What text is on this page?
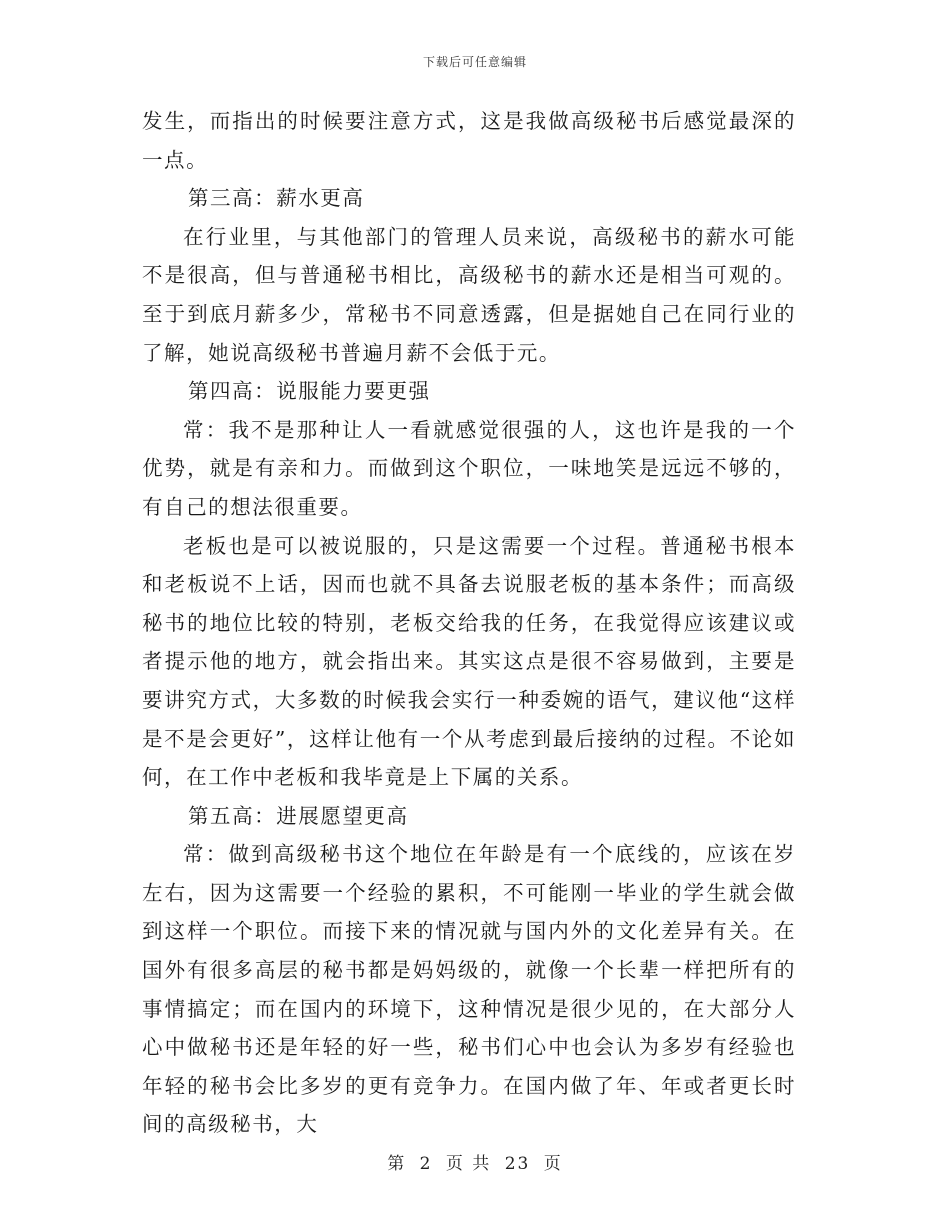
下载后可任意编辑

发生，而指出的时候要注意方式，这是我做高级秘书后感觉最深的一点。

第三高：薪水更高

在行业里，与其他部门的管理人员来说，高级秘书的薪水可能不是很高，但与普通秘书相比，高级秘书的薪水还是相当可观的。至于到底月薪多少，常秘书不同意透露，但是据她自己在同行业的了解，她说高级秘书普遍月薪不会低于元。

第四高：说服能力要更强

常：我不是那种让人一看就感觉很强的人，这也许是我的一个优势，就是有亲和力。而做到这个职位，一味地笑是远远不够的，有自己的想法很重要。

老板也是可以被说服的，只是这需要一个过程。普通秘书根本和老板说不上话，因而也就不具备去说服老板的基本条件；而高级秘书的地位比较的特别，老板交给我的任务，在我觉得应该建议或者提示他的地方，就会指出来。其实这点是很不容易做到，主要是要讲究方式，大多数的时候我会实行一种委婉的语气，建议他“这样是不是会更好”，这样让他有一个从考虑到最后接纳的过程。不论如何，在工作中老板和我毕竟是上下属的关系。

第五高：进展愿望更高

常：做到高级秘书这个地位在年龄是有一个底线的，应该在岁左右，因为这需要一个经验的累积，不可能刚一毕业的学生就会做到这样一个职位。而接下来的情况就与国内外的文化差异有关。在国外有很多高层的秘书都是妈妈级的，就像一个长辈一样把所有的事情搞定；而在国内的环境下，这种情况是很少见的，在大部分人心中做秘书还是年轻的好一些，秘书们心中也会认为多岁有经验也年轻的秘书会比多岁的更有竞争力。在国内做了年、年或者更长时间的高级秘书，大

第 2 页 共 23 页
